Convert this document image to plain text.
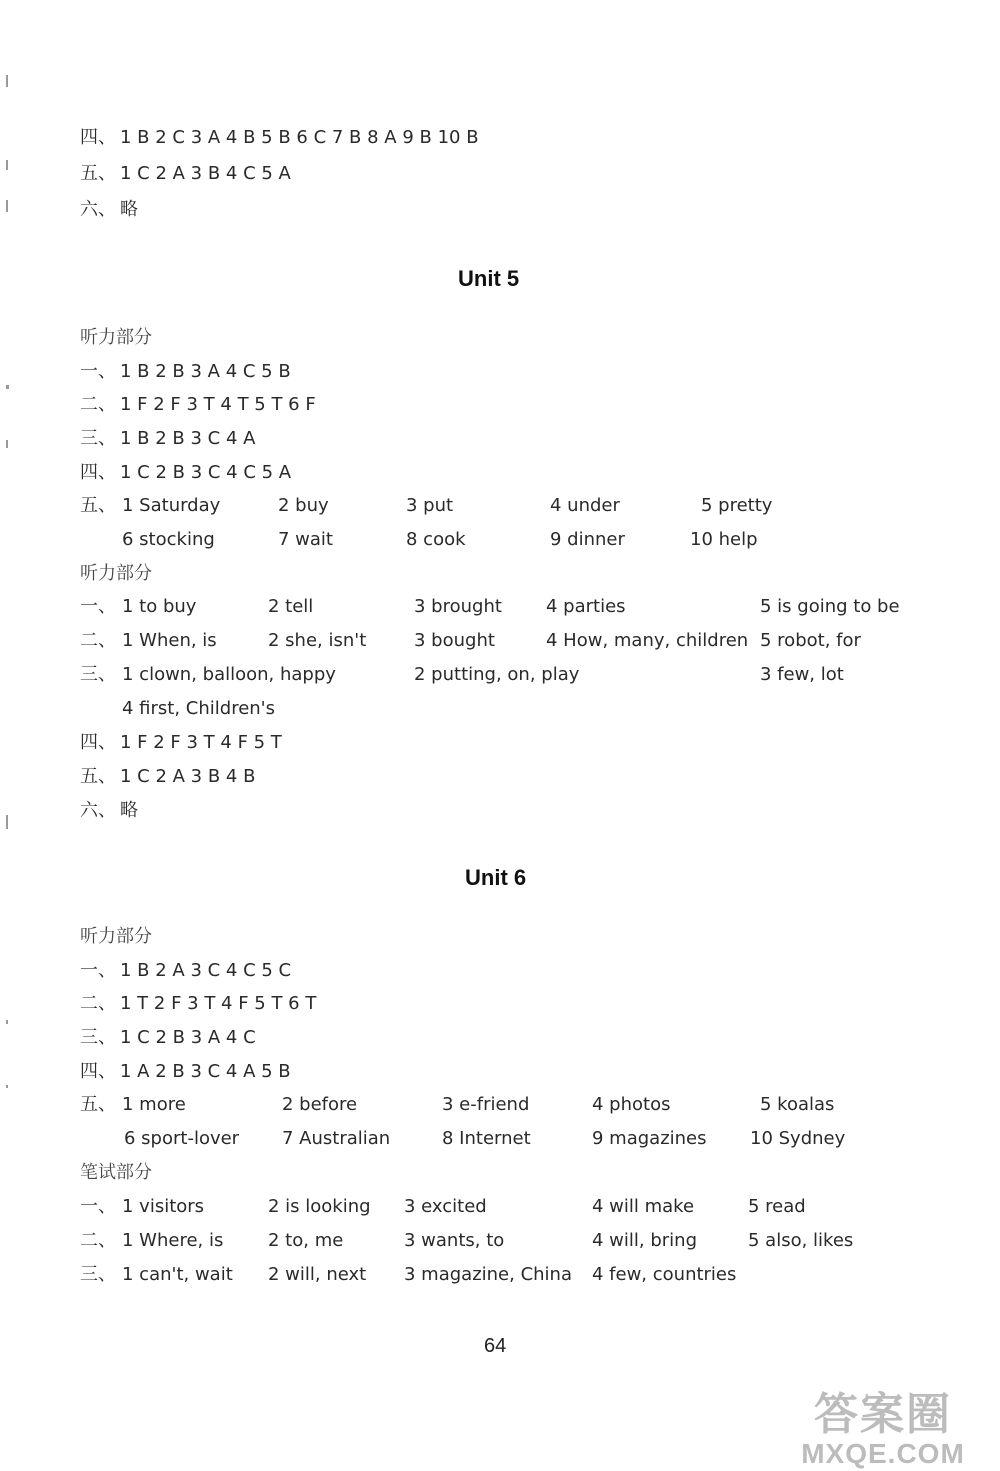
四、 1 B 2 C 3 A 4 B 5 B 6 C 7 B 8 A 9 B 10 B
五、 1 C 2 A 3 B 4 C 5 A
六、 略
Unit 5
听力部分
一、 1 B 2 B 3 A 4 C 5 B
二、 1 F 2 F 3 T 4 T 5 T 6 F
三、 1 B 2 B 3 C 4 A
四、 1 C 2 B 3 C 4 C 5 A
五、 1 Saturday	2 buy	3 put	4 under	5 pretty
6 stocking	7 wait	8 cook	9 dinner	10 help
听力部分
一、 1 to buy	2 tell	3 brought 4 parties	5 is going to be
二、 1 When, is	2 she, isn't	3 bought	4 How, many, children 5 robot, for
三、 1 clown, balloon, happy	2 putting, on, play	3 few, lot
4 first, Children's
四、 1 F 2 F 3 T 4 F 5 T
五、 1 C 2 A 3 B 4 B
六、 略
Unit 6
听力部分
一、 1 B 2 A 3 C 4 C 5 C
二、 1 T 2 F 3 T 4 F 5 T 6 T
三、 1 C 2 B 3 A 4 C
四、 1 A 2 B 3 C 4 A 5 B
五、 1 more	2 before	3 e-friend	4 photos	5 koalas
6 sport-lover 7 Australian	8 Internet	9 magazines 10 Sydney
笔试部分
一、 1 visitors	2 is looking 3 excited	4 will make	5 read
二、 1 Where, is 2 to, me	3 wants, to	4 will, bring	5 also, likes
三、 1 can't, wait 2 will, next 3 magazine, China 4 few, countries
64
答案圈
MXQE.COM
